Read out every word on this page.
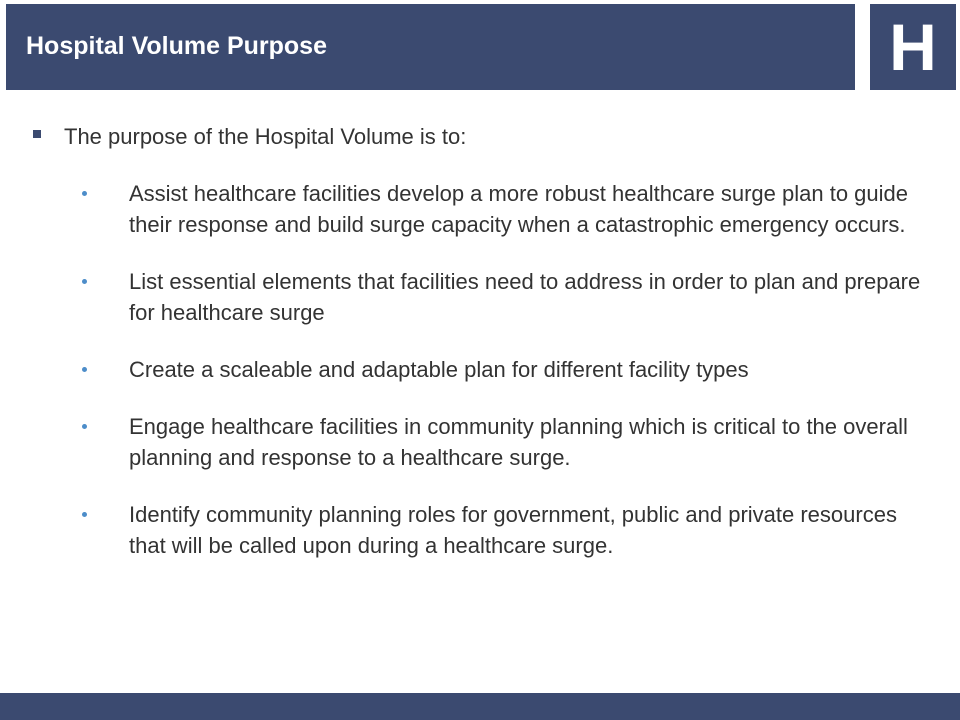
Hospital Volume Purpose	H
The purpose of the Hospital Volume is to:
Assist healthcare facilities develop a more robust healthcare surge plan to guide their response and build surge capacity when a catastrophic emergency occurs.
List essential elements that facilities need to address in order to plan and prepare for healthcare surge
Create a scaleable and adaptable plan for different facility types
Engage healthcare facilities in community planning which is critical to the overall planning and response to a healthcare surge.
Identify community planning roles for government, public and private resources that will be called upon during a healthcare surge.
